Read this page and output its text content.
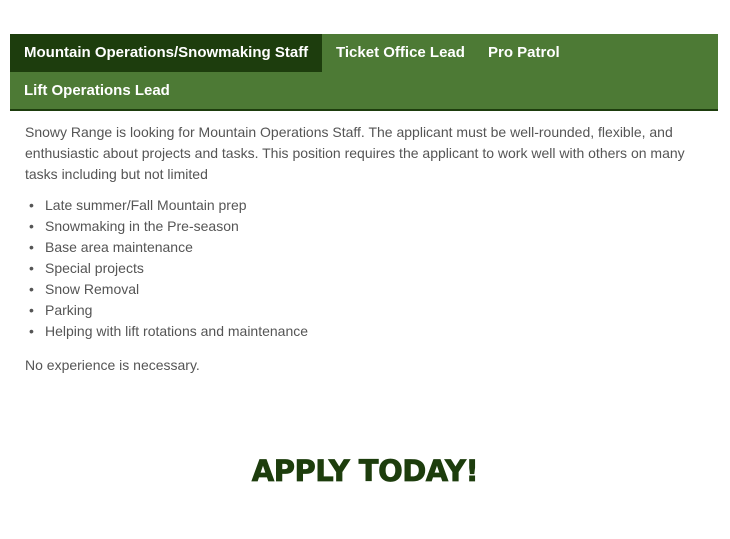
Mountain Operations/Snowmaking Staff	Ticket Office Lead	Pro Patrol
Lift Operations Lead

Snowy Range is looking for Mountain Operations Staff. The applicant must be well-rounded, flexible, and enthusiastic about projects and tasks. This position requires the applicant to work well with others on many tasks including but not limited

• Late summer/Fall Mountain prep
• Snowmaking in the Pre-season
• Base area maintenance
• Special projects
• Snow Removal
• Parking
• Helping with lift rotations and maintenance

No experience is necessary.

APPLY TODAY!
